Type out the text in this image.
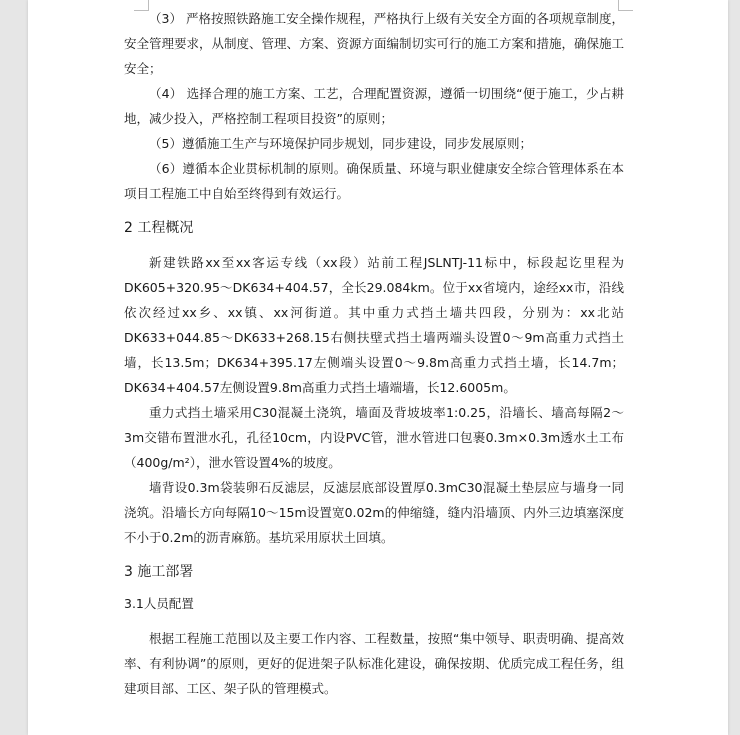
（3） 严格按照铁路施工安全操作规程，严格执行上级有关安全方面的各项规章制度，安全管理要求，从制度、管理、方案、资源方面编制切实可行的施工方案和措施，确保施工安全；

（4） 选择合理的施工方案、工艺，合理配置资源，遵循一切围绕“便于施工，少占耕地，减少投入，严格控制工程项目投资”的原则；

（5）遵循施工生产与环境保护同步规划，同步建设，同步发展原则；

（6）遵循本企业贯标机制的原则。确保质量、环境与职业健康安全综合管理体系在本项目工程施工中自始至终得到有效运行。

2 工程概况

新建铁路xx至xx客运专线（xx段）站前工程JSLNTJ-11标中，标段起讫里程为DK605+320.95～DK634+404.57，全长29.084km。位于xx省境内，途经xx市，沿线依次经过xx乡、xx镇、xx河街道。其中重力式挡土墙共四段，分别为：xx北站DK633+044.85～DK633+268.15右侧扶壁式挡土墙两端头设置0～9m高重力式挡土墙，长13.5m；DK634+395.17左侧端头设置0～9.8m高重力式挡土墙，长14.7m；DK634+404.57左侧设置9.8m高重力式挡土墙端墙，长12.6005m。

重力式挡土墙采用C30混凝土浇筑，墙面及背坡坡率1:0.25，沿墙长、墙高每隔2～3m交错布置泄水孔，孔径10cm，内设PVC管，泄水管进口包裹0.3m×0.3m透水土工布（400g/m²），泄水管设置4%的坡度。

墙背设0.3m袋装卵石反滤层，反滤层底部设置厚0.3mC30混凝土垫层应与墙身一同浇筑。沿墙长方向每隔10～15m设置宽0.02m的伸缩缝，缝内沿墙顶、内外三边填塞深度不小于0.2m的沥青麻筋。基坑采用原状土回填。

3 施工部署
3.1人员配置

根据工程施工范围以及主要工作内容、工程数量，按照“集中领导、职责明确、提高效率、有利协调”的原则，更好的促进架子队标准化建设，确保按期、优质完成工程任务，组建项目部、工区、架子队的管理模式。
